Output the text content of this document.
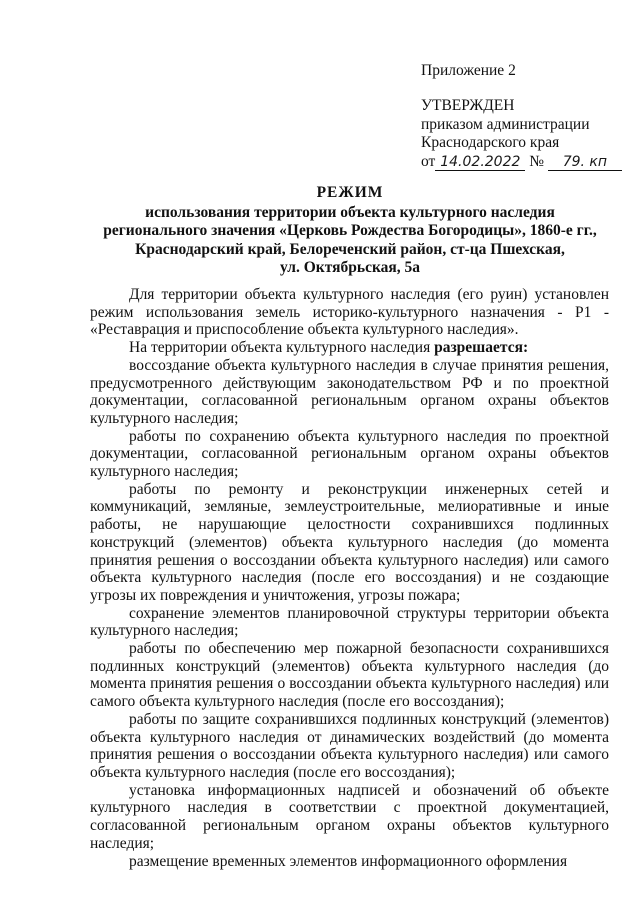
Приложение 2
УТВЕРЖДЕН
приказом администрации
Краснодарского края
от 14.02.2022 № 79. кп
РЕЖИМ
использования территории объекта культурного наследия
регионального значения «Церковь Рождества Богородицы», 1860-е гг.,
Краснодарский край, Белореченский район, ст-ца Пшехская,
ул. Октябрьская, 5а

Для территории объекта культурного наследия (его руин) установлен режим использования земель историко-культурного назначения - Р1 - «Реставрация и приспособление объекта культурного наследия».

На территории объекта культурного наследия разрешается:

воссоздание объекта культурного наследия в случае принятия решения, предусмотренного действующим законодательством РФ и по проектной документации, согласованной региональным органом охраны объектов культурного наследия;

работы по сохранению объекта культурного наследия по проектной документации, согласованной региональным органом охраны объектов культурного наследия;

работы по ремонту и реконструкции инженерных сетей и коммуникаций, земляные, землеустроительные, мелиоративные и иные работы, не нарушающие целостности сохранившихся подлинных конструкций (элементов) объекта культурного наследия (до момента принятия решения о воссоздании объекта культурного наследия) или самого объекта культурного наследия (после его воссоздания) и не создающие угрозы их повреждения и уничтожения, угрозы пожара;

сохранение элементов планировочной структуры территории объекта культурного наследия;

работы по обеспечению мер пожарной безопасности сохранившихся подлинных конструкций (элементов) объекта культурного наследия (до момента принятия решения о воссоздании объекта культурного наследия) или самого объекта культурного наследия (после его воссоздания);

работы по защите сохранившихся подлинных конструкций (элементов) объекта культурного наследия от динамических воздействий (до момента принятия решения о воссоздании объекта культурного наследия) или самого объекта культурного наследия (после его воссоздания);

установка информационных надписей и обозначений об объекте культурного наследия в соответствии с проектной документацией, согласованной региональным органом охраны объектов культурного наследия;

размещение временных элементов информационного оформления
